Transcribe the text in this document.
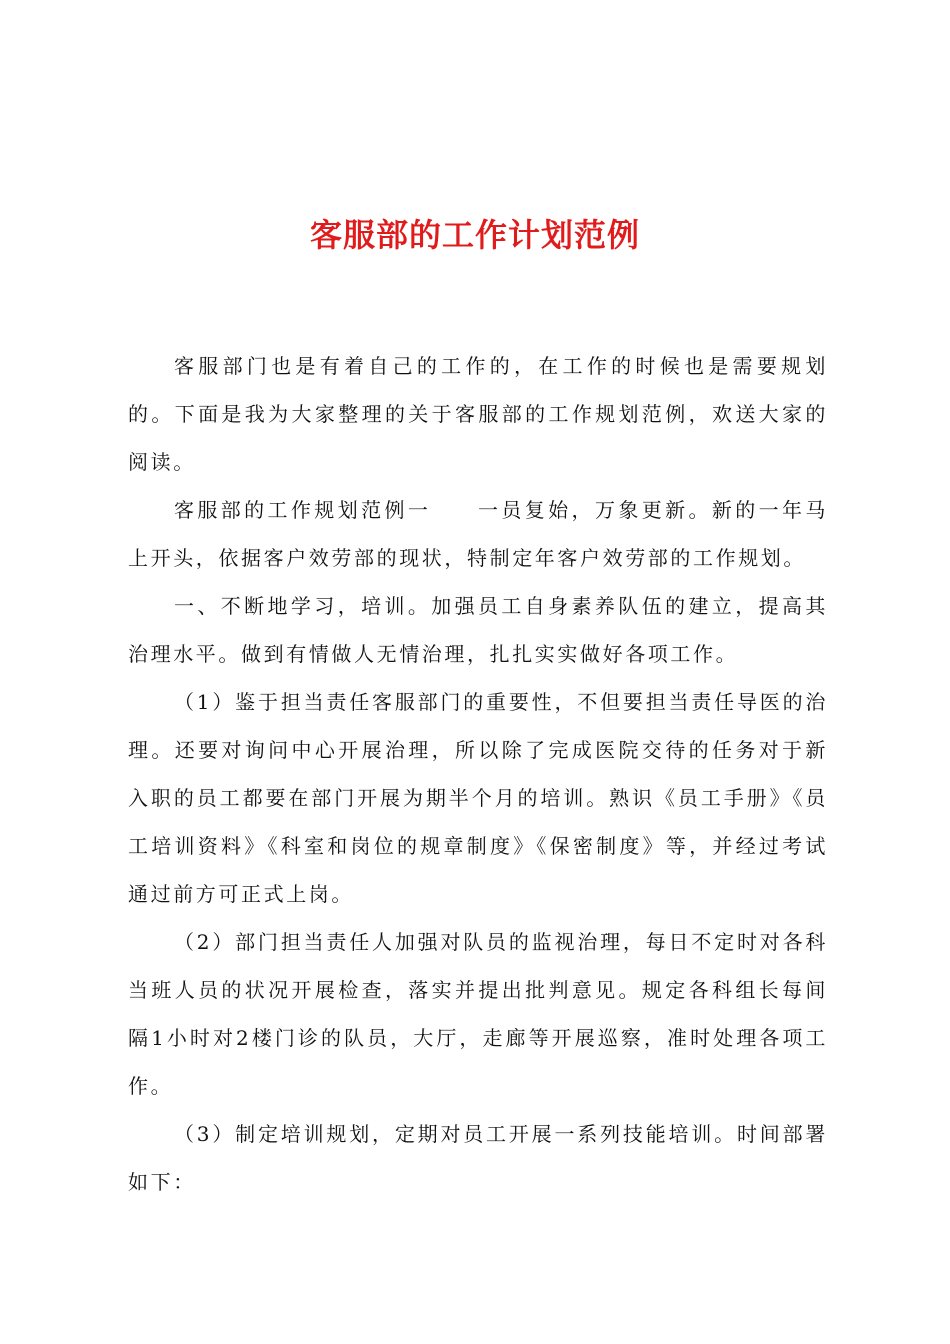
客服部的工作计划范例

客服部门也是有着自己的工作的，在工作的时候也是需要规划的。下面是我为大家整理的关于客服部的工作规划范例，欢送大家的阅读。

客服部的工作规划范例一 一员复始，万象更新。新的一年马上开头，依据客户效劳部的现状，特制定年客户效劳部的工作规划。

一、不断地学习，培训。加强员工自身素养队伍的建立，提高其治理水平。做到有情做人无情治理，扎扎实实做好各项工作。

（1）鉴于担当责任客服部门的重要性，不但要担当责任导医的治理。还要对询问中心开展治理，所以除了完成医院交待的任务对于新入职的员工都要在部门开展为期半个月的培训。熟识《员工手册》《员工培训资料》《科室和岗位的规章制度》《保密制度》等，并经过考试通过前方可正式上岗。

（2）部门担当责任人加强对队员的监视治理，每日不定时对各科当班人员的状况开展检查，落实并提出批判意见。规定各科组长每间隔1小时对2楼门诊的队员，大厅，走廊等开展巡察，准时处理各项工作。

（3）制定培训规划，定期对员工开展一系列技能培训。时间部署如下：
